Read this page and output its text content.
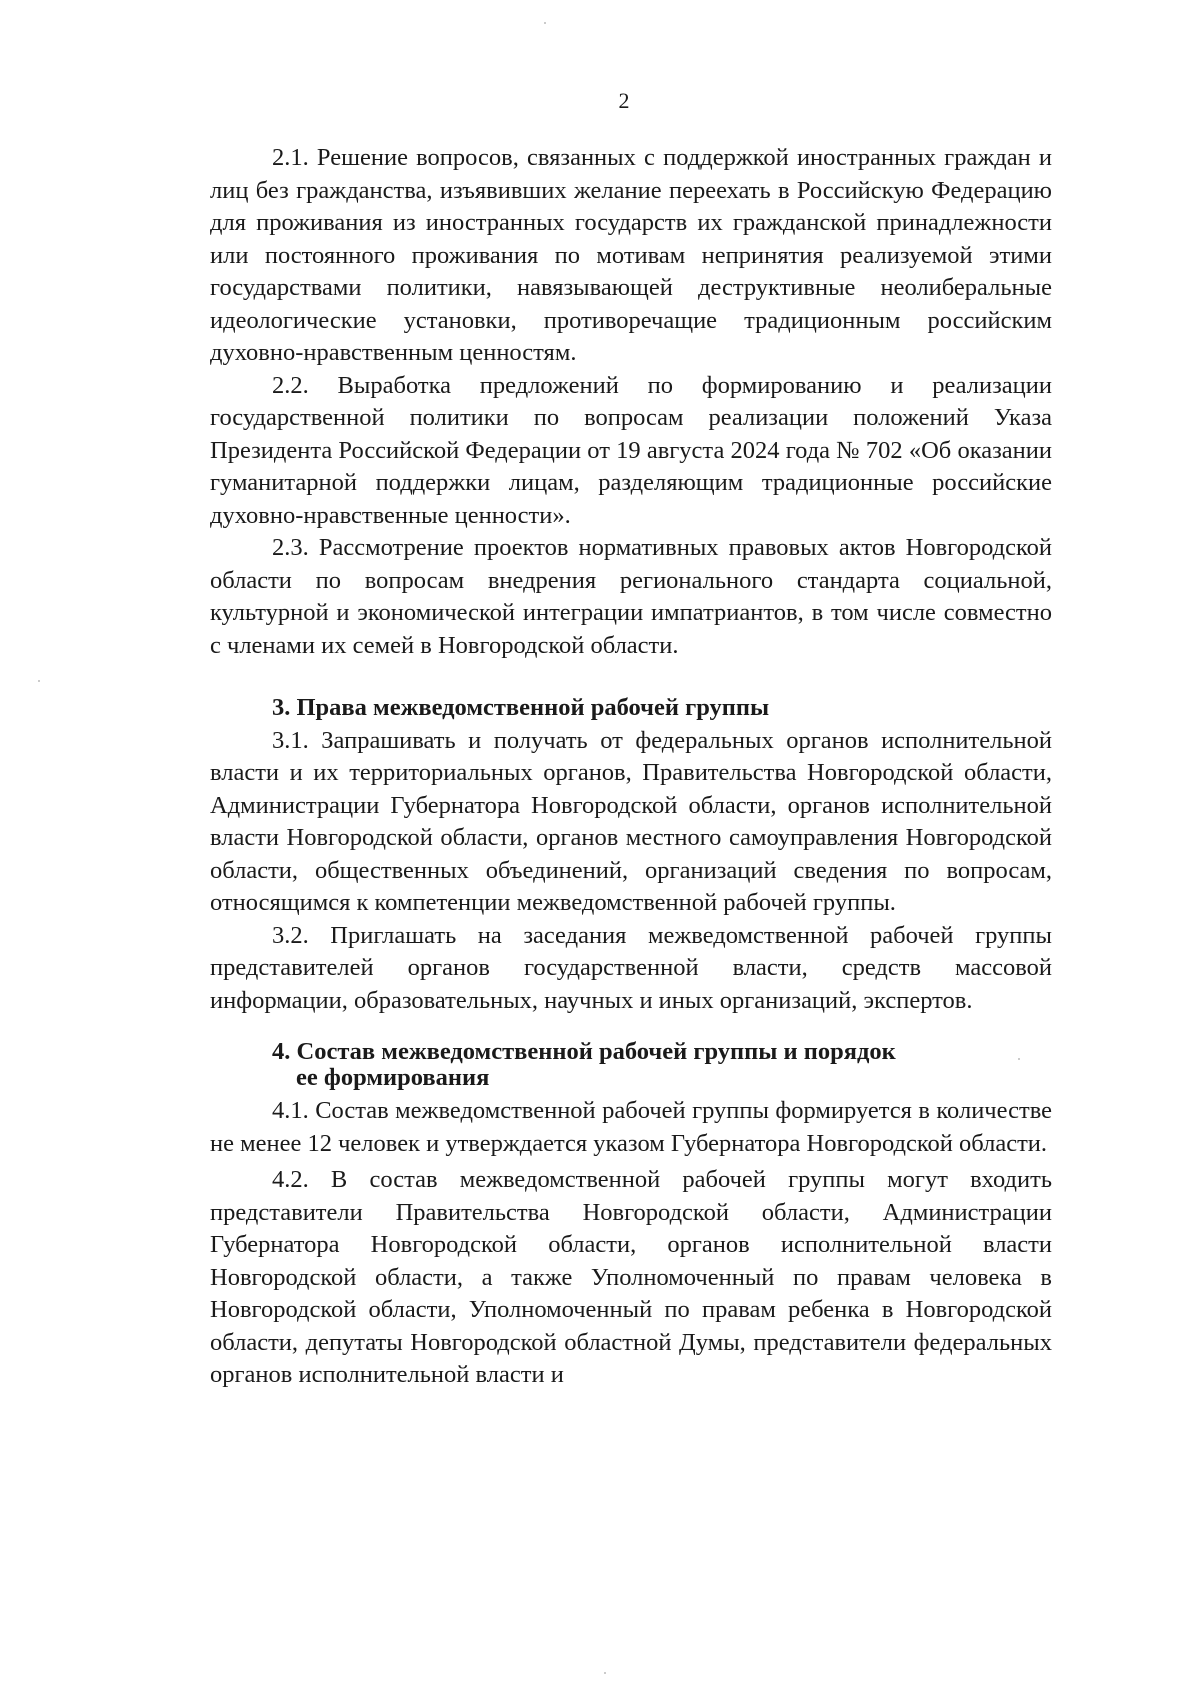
2

2.1. Решение вопросов, связанных с поддержкой иностранных граждан и лиц без гражданства, изъявивших желание переехать в Российскую Федерацию для проживания из иностранных государств их гражданской принадлежности или постоянного проживания по мотивам непринятия реализуемой этими государствами политики, навязывающей деструктивные неолиберальные идеологические установки, противоречащие традиционным российским духовно-нравственным ценностям.

2.2. Выработка предложений по формированию и реализации государственной политики по вопросам реализации положений Указа Президента Российской Федерации от 19 августа 2024 года № 702 «Об оказании гуманитарной поддержки лицам, разделяющим традиционные российские духовно-нравственные ценности».

2.3. Рассмотрение проектов нормативных правовых актов Новгородской области по вопросам внедрения регионального стандарта социальной, культурной и экономической интеграции импатриантов, в том числе совместно с членами их семей в Новгородской области.

3. Права межведомственной рабочей группы

3.1. Запрашивать и получать от федеральных органов исполнительной власти и их территориальных органов, Правительства Новгородской области, Администрации Губернатора Новгородской области, органов исполнительной власти Новгородской области, органов местного самоуправления Новгородской области, общественных объединений, организаций сведения по вопросам, относящимся к компетенции межведомственной рабочей группы.

3.2. Приглашать на заседания межведомственной рабочей группы представителей органов государственной власти, средств массовой информации, образовательных, научных и иных организаций, экспертов.

4. Состав межведомственной рабочей группы и порядок
ее формирования

4.1. Состав межведомственной рабочей группы формируется в количестве не менее 12 человек и утверждается указом Губернатора Новгородской области.

4.2. В состав межведомственной рабочей группы могут входить представители Правительства Новгородской области, Администрации Губернатора Новгородской области, органов исполнительной власти Новгородской области, а также Уполномоченный по правам человека в Новгородской области, Уполномоченный по правам ребенка в Новгородской области, депутаты Новгородской областной Думы, представители федеральных органов исполнительной власти и
